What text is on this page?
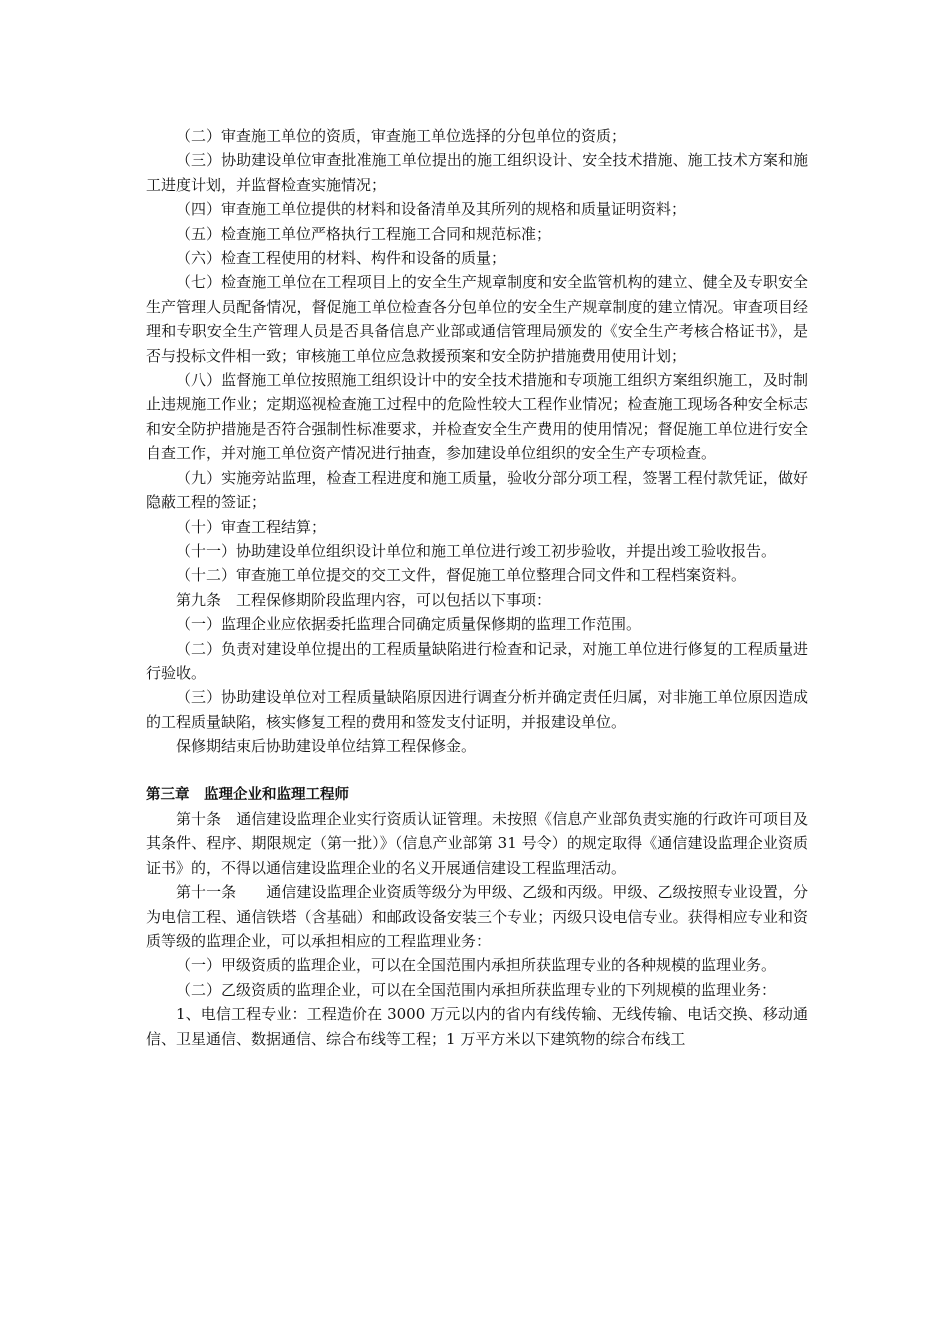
（二）审查施工单位的资质，审查施工单位选择的分包单位的资质；

（三）协助建设单位审查批准施工单位提出的施工组织设计、安全技术措施、施工技术方案和施工进度计划，并监督检查实施情况；

（四）审查施工单位提供的材料和设备清单及其所列的规格和质量证明资料；

（五）检查施工单位严格执行工程施工合同和规范标准；

（六）检查工程使用的材料、构件和设备的质量；

（七）检查施工单位在工程项目上的安全生产规章制度和安全监管机构的建立、健全及专职安全生产管理人员配备情况，督促施工单位检查各分包单位的安全生产规章制度的建立情况。审查项目经理和专职安全生产管理人员是否具备信息产业部或通信管理局颁发的《安全生产考核合格证书》，是否与投标文件相一致；审核施工单位应急救援预案和安全防护措施费用使用计划；

（八）监督施工单位按照施工组织设计中的安全技术措施和专项施工组织方案组织施工，及时制止违规施工作业；定期巡视检查施工过程中的危险性较大工程作业情况；检查施工现场各种安全标志和安全防护措施是否符合强制性标准要求，并检查安全生产费用的使用情况；督促施工单位进行安全自查工作，并对施工单位资产情况进行抽查，参加建设单位组织的安全生产专项检查。

（九）实施旁站监理，检查工程进度和施工质量，验收分部分项工程，签署工程付款凭证，做好隐蔽工程的签证；

（十）审查工程结算；

（十一）协助建设单位组织设计单位和施工单位进行竣工初步验收，并提出竣工验收报告。

（十二）审查施工单位提交的交工文件，督促施工单位整理合同文件和工程档案资料。

第九条　工程保修期阶段监理内容，可以包括以下事项：

（一）监理企业应依据委托监理合同确定质量保修期的监理工作范围。

（二）负责对建设单位提出的工程质量缺陷进行检查和记录，对施工单位进行修复的工程质量进行验收。

（三）协助建设单位对工程质量缺陷原因进行调查分析并确定责任归属，对非施工单位原因造成的工程质量缺陷，核实修复工程的费用和签发支付证明，并报建设单位。

保修期结束后协助建设单位结算工程保修金。

第三章　监理企业和监理工程师

第十条　通信建设监理企业实行资质认证管理。未按照《信息产业部负责实施的行政许可项目及其条件、程序、期限规定（第一批）》（信息产业部第 31 号令）的规定取得《通信建设监理企业资质证书》的，不得以通信建设监理企业的名义开展通信建设工程监理活动。

第十一条　　通信建设监理企业资质等级分为甲级、乙级和丙级。甲级、乙级按照专业设置，分为电信工程、通信铁塔（含基础）和邮政设备安装三个专业；丙级只设电信专业。获得相应专业和资质等级的监理企业，可以承担相应的工程监理业务：

（一）甲级资质的监理企业，可以在全国范围内承担所获监理专业的各种规模的监理业务。

（二）乙级资质的监理企业，可以在全国范围内承担所获监理专业的下列规模的监理业务：

1、电信工程专业：工程造价在 3000 万元以内的省内有线传输、无线传输、电话交换、移动通信、卫星通信、数据通信、综合布线等工程；1 万平方米以下建筑物的综合布线工
